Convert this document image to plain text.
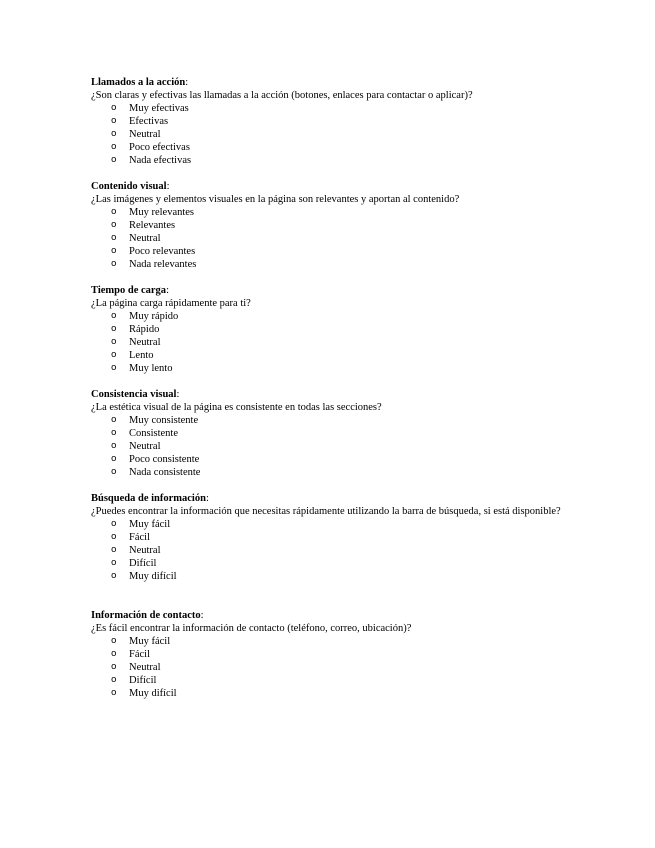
Llamados a la acción:
¿Son claras y efectivas las llamadas a la acción (botones, enlaces para contactar o aplicar)?
o Muy efectivas
o Efectivas
o Neutral
o Poco efectivas
o Nada efectivas
Contenido visual:
¿Las imágenes y elementos visuales en la página son relevantes y aportan al contenido?
o Muy relevantes
o Relevantes
o Neutral
o Poco relevantes
o Nada relevantes
Tiempo de carga:
¿La página carga rápidamente para ti?
o Muy rápido
o Rápido
o Neutral
o Lento
o Muy lento
Consistencia visual:
¿La estética visual de la página es consistente en todas las secciones?
o Muy consistente
o Consistente
o Neutral
o Poco consistente
o Nada consistente
Búsqueda de información:
¿Puedes encontrar la información que necesitas rápidamente utilizando la barra de búsqueda, si está disponible?
o Muy fácil
o Fácil
o Neutral
o Difícil
o Muy difícil
Información de contacto:
¿Es fácil encontrar la información de contacto (teléfono, correo, ubicación)?
o Muy fácil
o Fácil
o Neutral
o Difícil
o Muy difícil
